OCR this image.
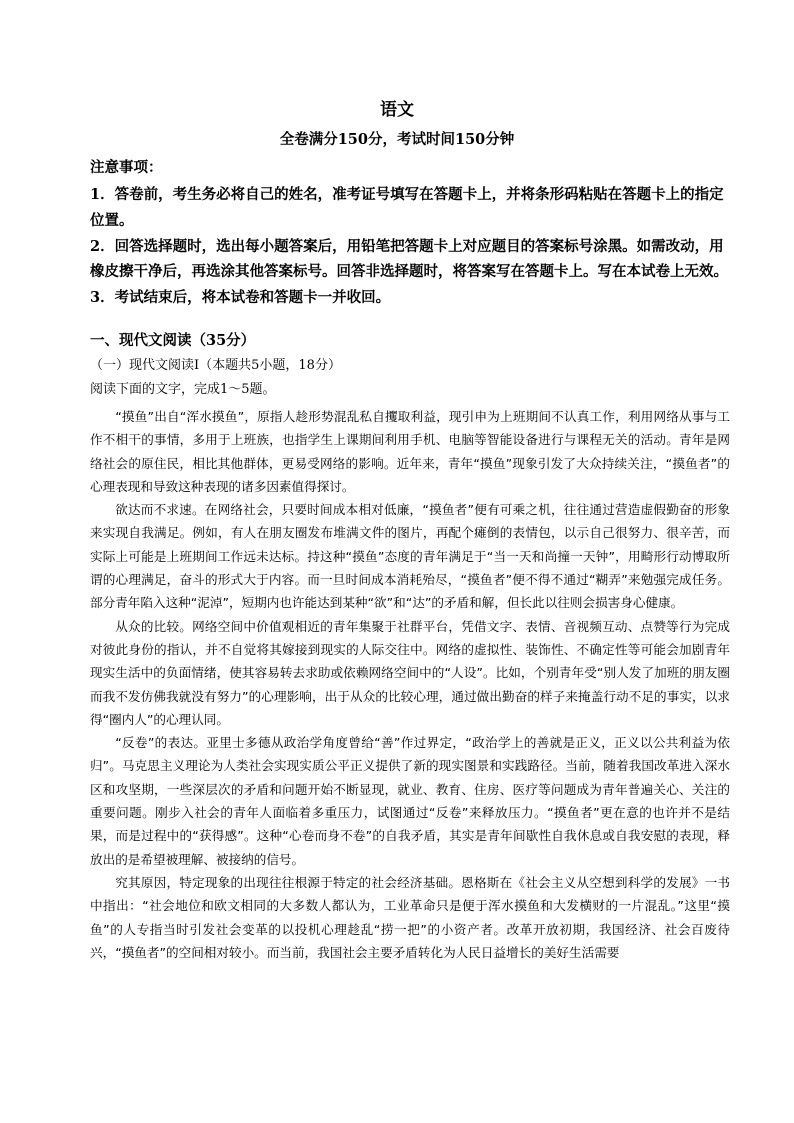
语文
全卷满分150分，考试时间150分钟
注意事项：

1．答卷前，考生务必将自己的姓名，准考证号填写在答题卡上，并将条形码粘贴在答题卡上的指定位置。

2．回答选择题时，选出每小题答案后，用铅笔把答题卡上对应题目的答案标号涂黑。如需改动，用橡皮擦干净后，再选涂其他答案标号。回答非选择题时，将答案写在答题卡上。写在本试卷上无效。

3．考试结束后，将本试卷和答题卡一并收回。

一、现代文阅读（35分）
（一）现代文阅读Ⅰ（本题共5小题，18分）
阅读下面的文字，完成1～5题。

“摸鱼”出自“浑水摸鱼”，原指人趁形势混乱私自攫取利益，现引申为上班期间不认真工作，利用网络从事与工作不相干的事情，多用于上班族，也指学生上课期间利用手机、电脑等智能设备进行与课程无关的活动。青年是网络社会的原住民，相比其他群体，更易受网络的影响。近年来，青年“摸鱼”现象引发了大众持续关注，“摸鱼者”的心理表现和导致这种表现的诸多因素值得探讨。

欲达而不求速。在网络社会，只要时间成本相对低廉，“摸鱼者”便有可乘之机，往往通过营造虚假勤奋的形象来实现自我满足。例如，有人在朋友圈发布堆满文件的图片，再配个瘫倒的表情包，以示自己很努力、很辛苦，而实际上可能是上班期间工作远未达标。持这种“摸鱼”态度的青年满足于“当一天和尚撞一天钟”，用畸形行动博取所谓的心理满足，奋斗的形式大于内容。而一旦时间成本消耗殆尽，“摸鱼者”便不得不通过“糊弄”来勉强完成任务。部分青年陷入这种“泥淖”，短期内也许能达到某种“欲”和“达”的矛盾和解，但长此以往则会损害身心健康。

从众的比较。网络空间中价值观相近的青年集聚于社群平台，凭借文字、表情、音视频互动、点赞等行为完成对彼此身份的指认，并不自觉将其嫁接到现实的人际交往中。网络的虚拟性、装饰性、不确定性等可能会加剧青年现实生活中的负面情绪，使其容易转去求助或依赖网络空间中的“人设”。比如，个别青年受“别人发了加班的朋友圈而我不发仿佛我就没有努力”的心理影响，出于从众的比较心理，通过做出勤奋的样子来掩盖行动不足的事实，以求得“圈内人”的心理认同。

“反卷”的表达。亚里士多德从政治学角度曾给“善”作过界定，“政治学上的善就是正义，正义以公共利益为依归”。马克思主义理论为人类社会实现实质公平正义提供了新的现实图景和实践路径。当前，随着我国改革进入深水区和攻坚期，一些深层次的矛盾和问题开始不断显现，就业、教育、住房、医疗等问题成为青年普遍关心、关注的重要问题。刚步入社会的青年人面临着多重压力，试图通过“反卷”来释放压力。“摸鱼者”更在意的也许并不是结果，而是过程中的“获得感”。这种“心卷而身不卷”的自我矛盾，其实是青年间歇性自我休息或自我安慰的表现，释放出的是希望被理解、被接纳的信号。

究其原因，特定现象的出现往往根源于特定的社会经济基础。恩格斯在《社会主义从空想到科学的发展》一书中指出：“社会地位和欧文相同的大多数人都认为，工业革命只是便于浑水摸鱼和大发横财的一片混乱。”这里“摸鱼”的人专指当时引发社会变革的以投机心理趁乱“捞一把”的小资产者。改革开放初期，我国经济、社会百废待兴，“摸鱼者”的空间相对较小。而当前，我国社会主要矛盾转化为人民日益增长的美好生活需要
